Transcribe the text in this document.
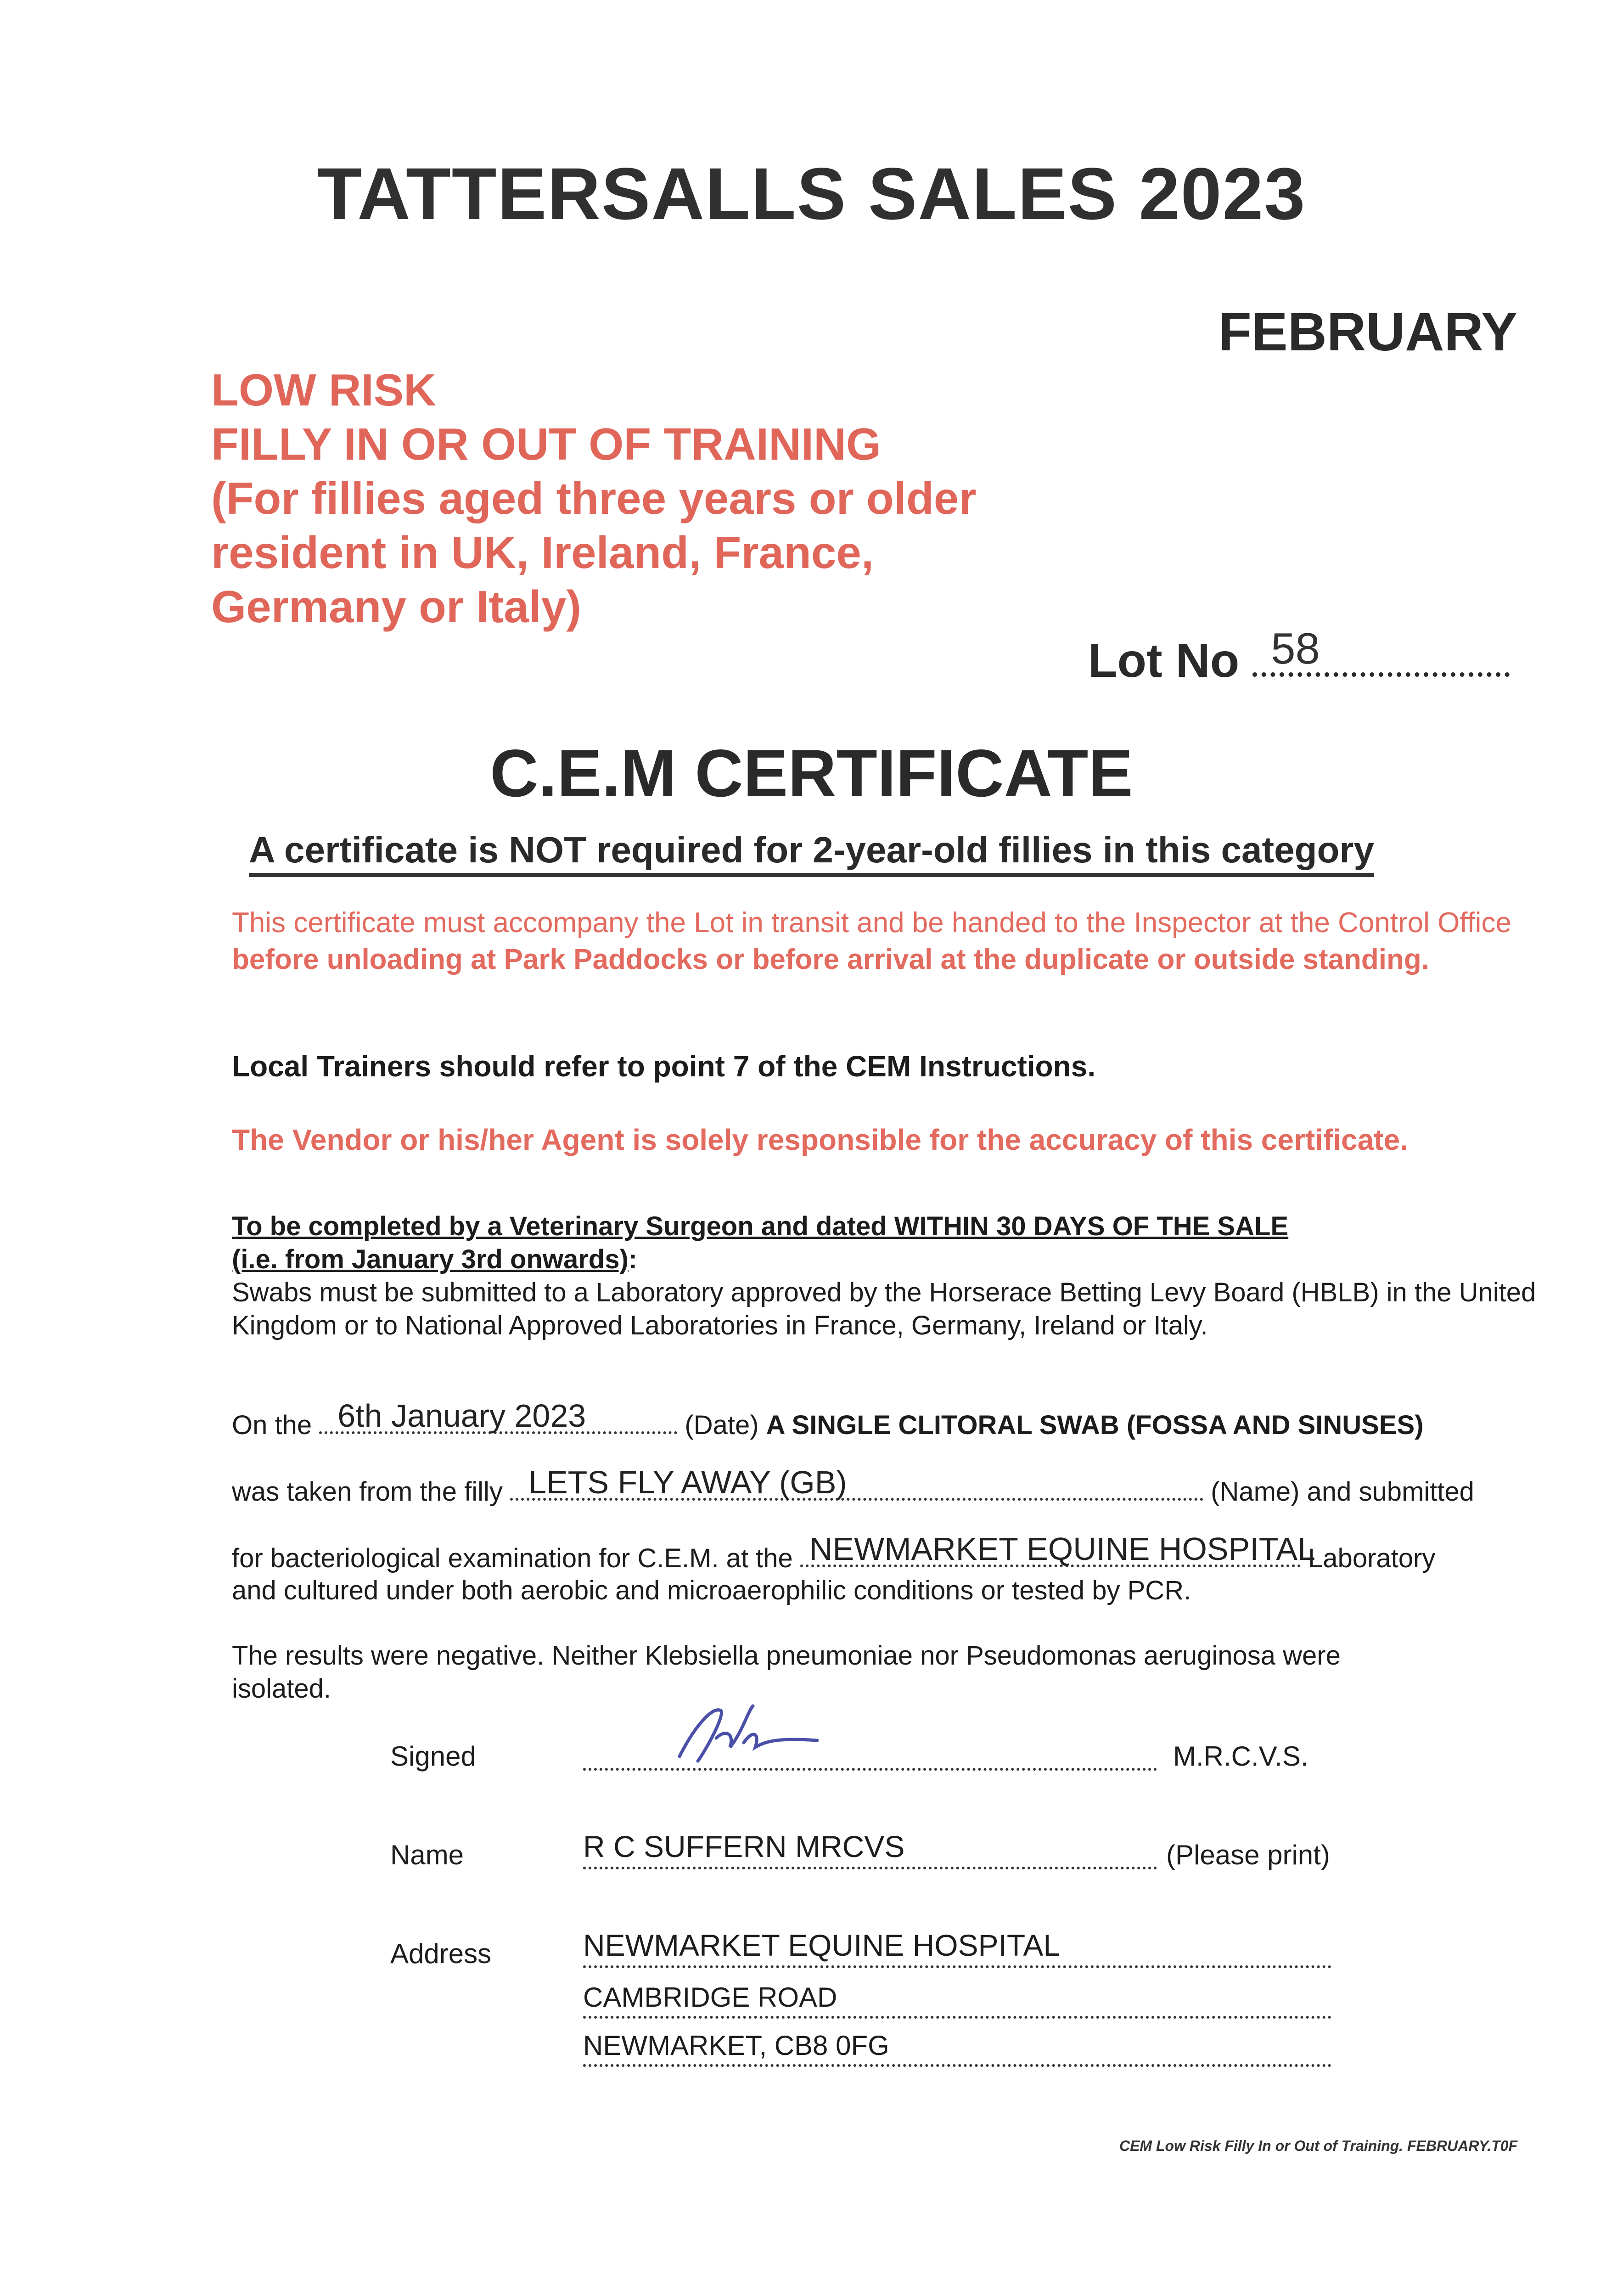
TATTERSALLS SALES 2023
FEBRUARY
LOW RISK
FILLY IN OR OUT OF TRAINING
(For fillies aged three years or older
resident in UK, Ireland, France,
Germany or Italy)
Lot No 58
C.E.M CERTIFICATE
A certificate is NOT required for 2-year-old fillies in this category
This certificate must accompany the Lot in transit and be handed to the Inspector at the Control Office before unloading at Park Paddocks or before arrival at the duplicate or outside standing.
Local Trainers should refer to point 7 of the CEM Instructions.
The Vendor or his/her Agent is solely responsible for the accuracy of this certificate.
To be completed by a Veterinary Surgeon and dated WITHIN 30 DAYS OF THE SALE
(i.e. from January 3rd onwards):
Swabs must be submitted to a Laboratory approved by the Horserace Betting Levy Board (HBLB) in the United Kingdom or to National Approved Laboratories in France, Germany, Ireland or Italy.
On the 6th January 2023	(Date) A SINGLE CLITORAL SWAB (FOSSA AND SINUSES)
was taken from the filly LETS FLY AWAY (GB)	(Name) and submitted
for bacteriological examination for C.E.M. at the NEWMARKET EQUINE HOSPITAL
Laboratory
and cultured under both aerobic and microaerophilic conditions or tested by PCR.
The results were negative. Neither Klebsiella pneumoniae nor Pseudomonas aeruginosa were isolated.
Signed	M.R.C.V.S.
Name	R C SUFFERN MRCVS	(Please print)
Address	NEWMARKET EQUINE HOSPITAL
CAMBRIDGE ROAD
NEWMARKET, CB8 0FG
CEM Low Risk Filly In or Out of Training. FEBRUARY.T0F
